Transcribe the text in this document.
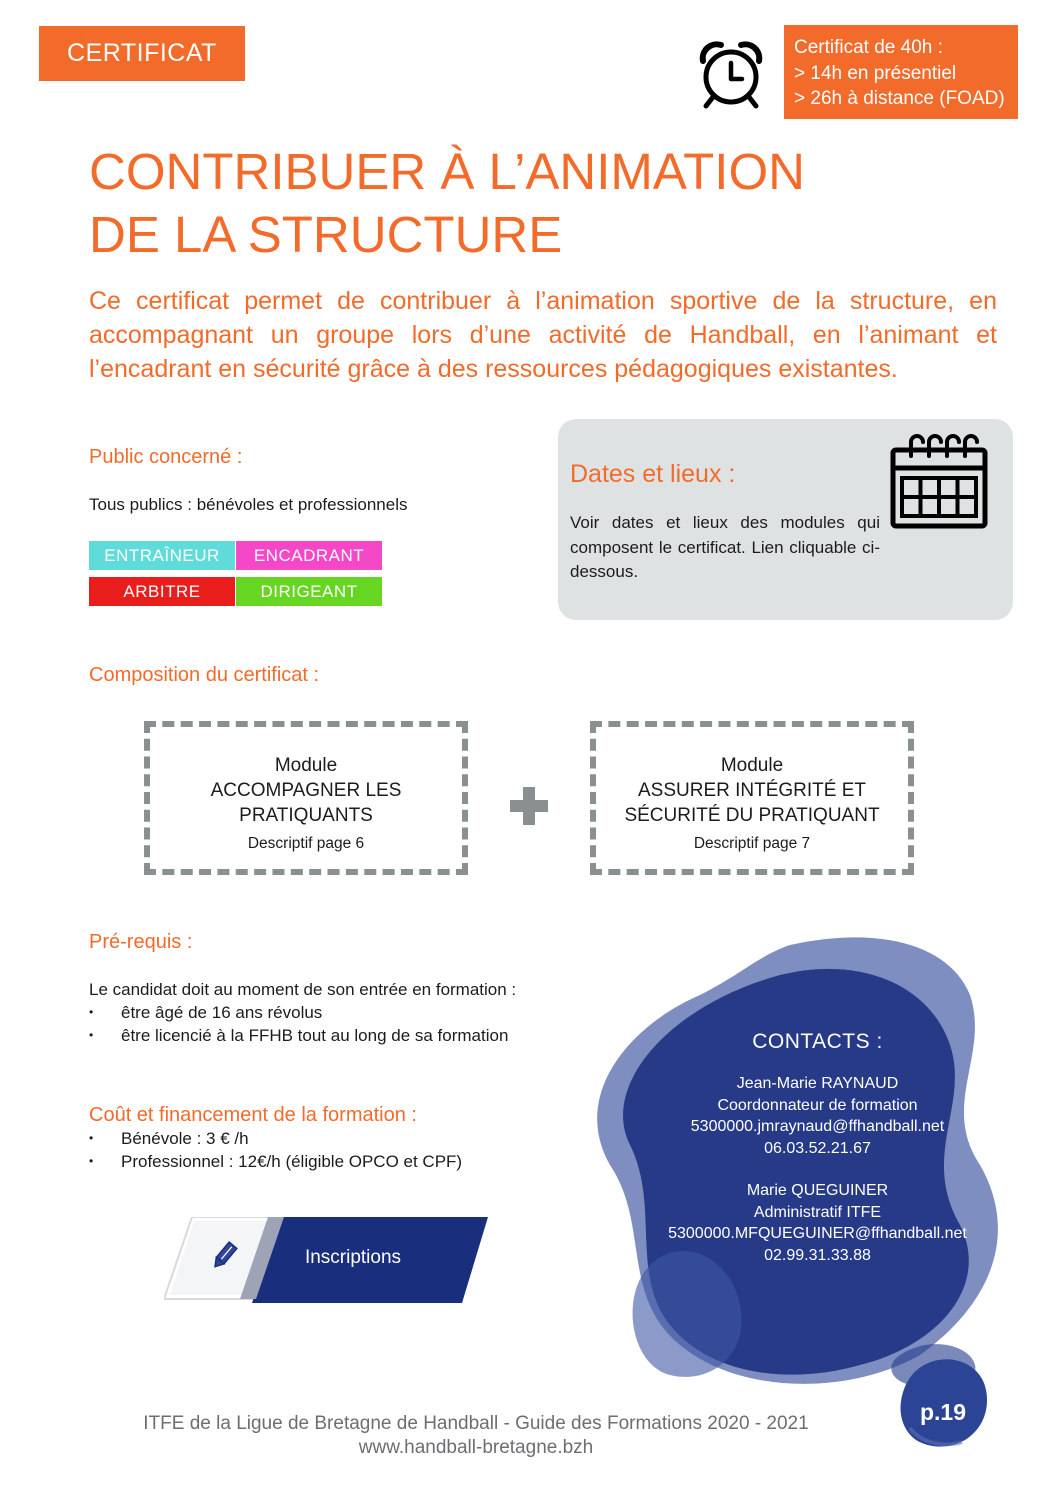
CERTIFICAT	Certificat de 40h :
> 14h en présentiel
> 26h à distance (FOAD)
CONTRIBUER À L’ANIMATION
DE LA STRUCTURE
Ce certificat permet de contribuer à l’animation sportive de la structure, en accompagnant un groupe lors d’une activité de Handball, en l’animant et l’encadrant en sécurité grâce à des ressources pédagogiques existantes.
Public concerné :
Tous publics : bénévoles et professionnels
ENTRAÎNEUR	ENCADRANT
ARBITRE	DIRIGEANT
Dates et lieux :
Voir dates et lieux des modules qui composent le certificat. Lien cliquable ci-dessous.
Composition du certificat :
Module
ACCOMPAGNER LES
PRATIQUANTS
Descriptif page 6
Module
ASSURER INTÉGRITÉ ET
SÉCURITÉ DU PRATIQUANT
Descriptif page 7
Pré-requis :
Le candidat doit au moment de son entrée en formation :
• être âgé de 16 ans révolus
• être licencié à la FFHB tout au long de sa formation
Coût et financement de la formation :
• Bénévole : 3 € /h
• Professionnel : 12€/h (éligible OPCO et CPF)
CONTACTS :
Jean-Marie RAYNAUD
Coordonnateur de formation
5300000.jmraynaud@ffhandball.net
06.03.52.21.67
Marie QUEGUINER
Administratif ITFE
5300000.MFQUEGUINER@ffhandball.net
02.99.31.33.88
Inscriptions
ITFE de la Ligue de Bretagne de Handball - Guide des Formations 2020 - 2021
www.handball-bretagne.bzh
p.19
